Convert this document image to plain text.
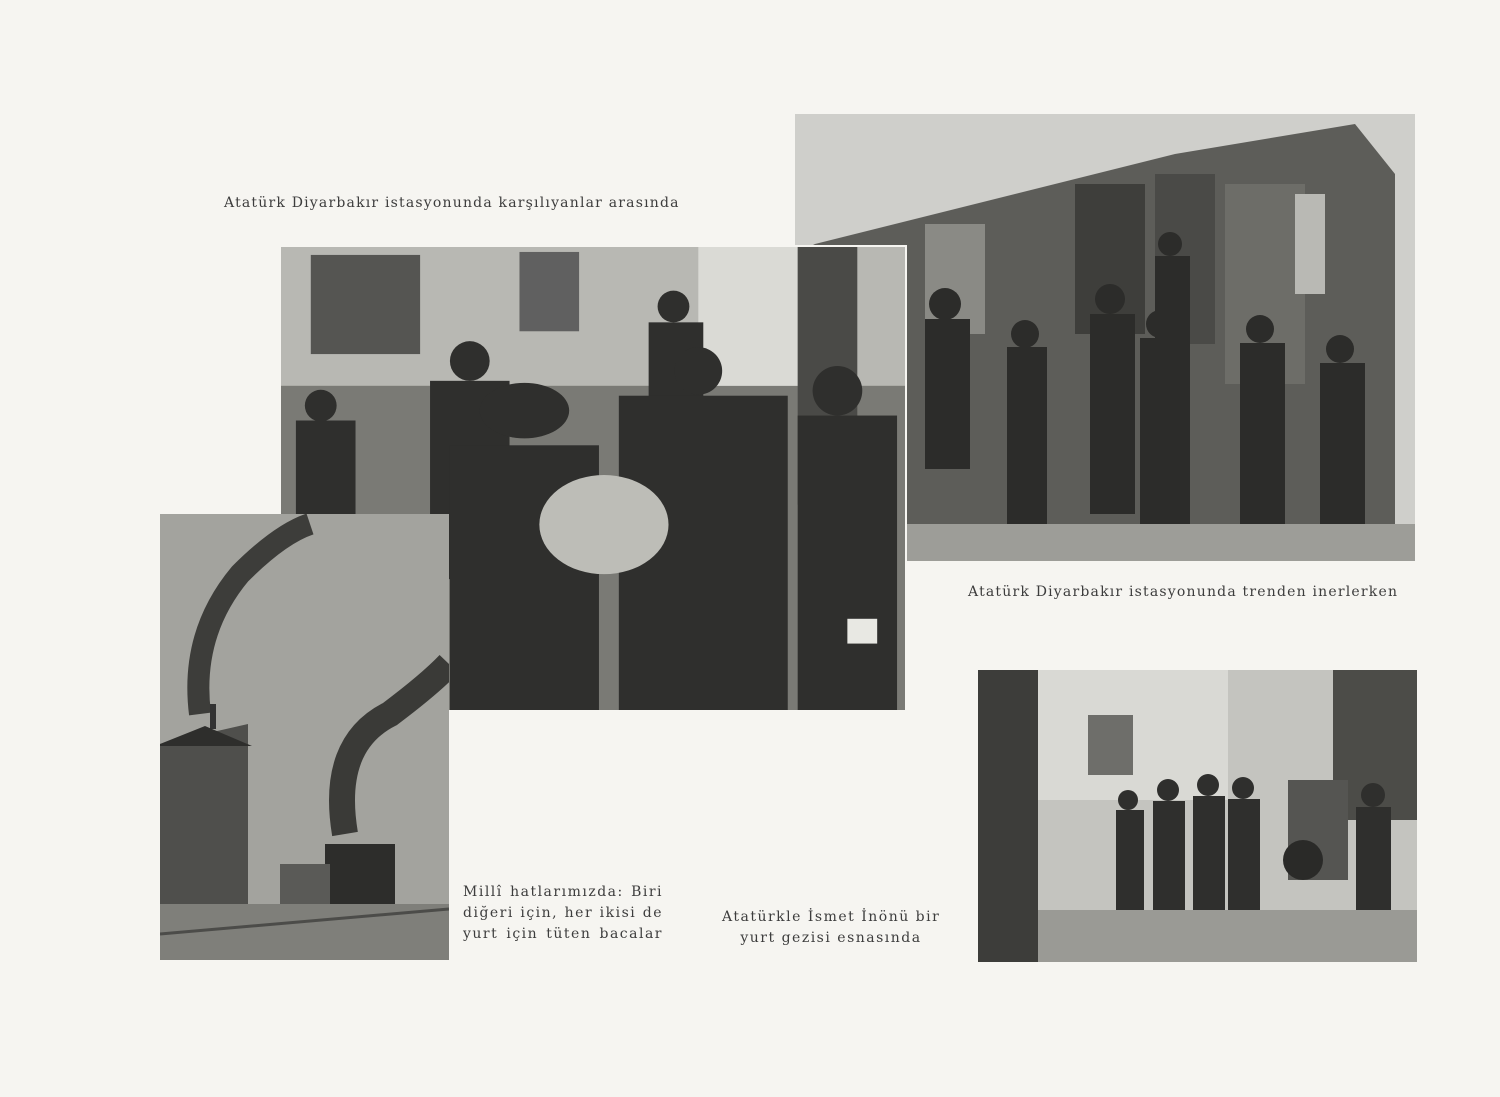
Atatürk Diyarbakır istasyonunda karşılıyanlar arasında
Atatürk Diyarbakır istasyonunda trenden inerlerken
Millî hatlarımızda: Biri
diğeri için, her ikisi de
yurt için tüten bacalar
Atatürkle İsmet İnönü bir
yurt gezisi esnasında
